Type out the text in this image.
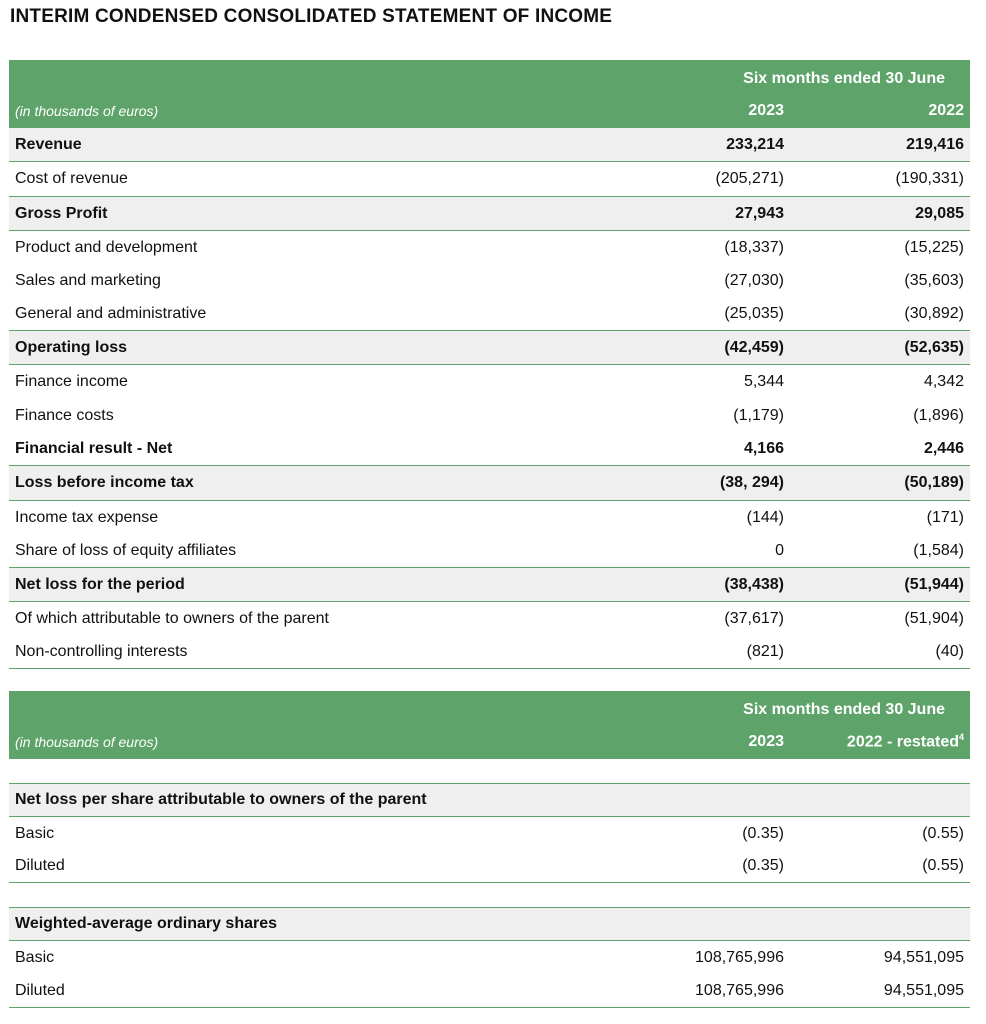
INTERIM CONDENSED CONSOLIDATED STATEMENT OF INCOME
Six months ended 30 June
(in thousands of euros)	2023	2022
Revenue	233,214	219,416
Cost of revenue	(205,271)	(190,331)
Gross Profit	27,943	29,085
Product and development	(18,337)	(15,225)
Sales and marketing	(27,030)	(35,603)
General and administrative	(25,035)	(30,892)
Operating loss	(42,459)	(52,635)
Finance income	5,344	4,342
Finance costs	(1,179)	(1,896)
Financial result - Net	4,166	2,446
Loss before income tax	(38, 294)	(50,189)
Income tax expense	(144)	(171)
Share of loss of equity affiliates	0	(1,584)
Net loss for the period	(38,438)	(51,944)
Of which attributable to owners of the parent	(37,617)	(51,904)
Non-controlling interests	(821)	(40)
Six months ended 30 June
(in thousands of euros)	2023	2022 - restated$^4$
Net loss per share attributable to owners of the parent
Basic	(0.35)	(0.55)
Diluted	(0.35)	(0.55)
Weighted-average ordinary shares
Basic	108,765,996	94,551,095
Diluted	108,765,996	94,551,095
